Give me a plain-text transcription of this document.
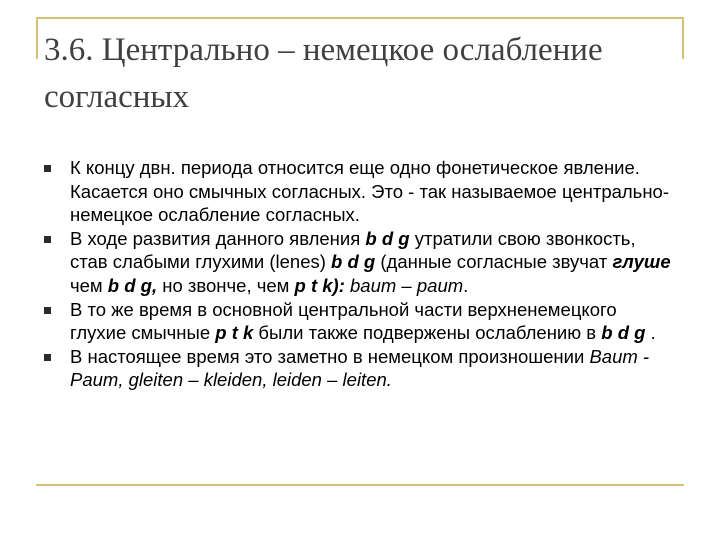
3.6. Центрально – немецкое ослабление согласных
К концу двн. периода относится еще одно фонетическое явление. Касается оно смычных согласных. Это - так называемое центрально-немецкое ослабление согласных.
В ходе развития данного явления b d g утратили свою звонкость, став слабыми глухими (lenes) b d g (данные согласные звучат глуше чем b d g, но звонче, чем p t k): baum – paum.
В то же время в основной центральной части верхненемецкого глухие смычные p t k были также подвержены ослаблению в b d g .
В настоящее время это заметно в немецком произношении Baum - Paum, gleiten – kleiden, leiden – leiten.
